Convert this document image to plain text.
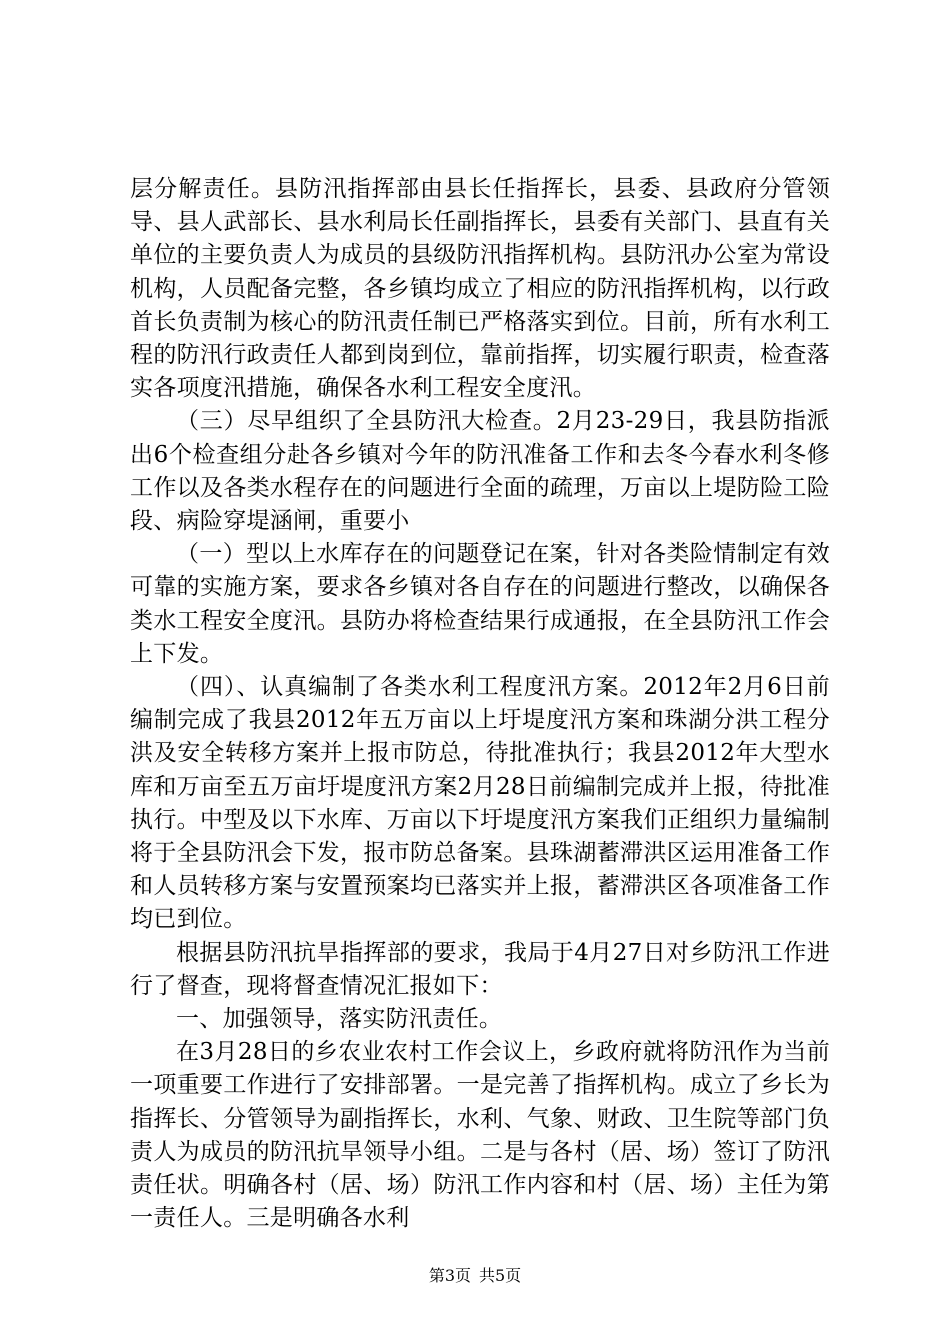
层分解责任。县防汛指挥部由县长任指挥长，县委、县政府分管领导、县人武部长、县水利局长任副指挥长，县委有关部门、县直有关单位的主要负责人为成员的县级防汛指挥机构。县防汛办公室为常设机构，人员配备完整，各乡镇均成立了相应的防汛指挥机构，以行政首长负责制为核心的防汛责任制已严格落实到位。目前，所有水利工程的防汛行政责任人都到岗到位，靠前指挥，切实履行职责，检查落实各项度汛措施，确保各水利工程安全度汛。

（三）尽早组织了全县防汛大检查。2月23-29日，我县防指派出6个检查组分赴各乡镇对今年的防汛准备工作和去冬今春水利冬修工作以及各类水程存在的问题进行全面的疏理，万亩以上堤防险工险段、病险穿堤涵闸，重要小

（一）型以上水库存在的问题登记在案，针对各类险情制定有效可靠的实施方案，要求各乡镇对各自存在的问题进行整改，以确保各类水工程安全度汛。县防办将检查结果行成通报，在全县防汛工作会上下发。

（四）、认真编制了各类水利工程度汛方案。2012年2月6日前编制完成了我县2012年五万亩以上圩堤度汛方案和珠湖分洪工程分洪及安全转移方案并上报市防总，待批准执行；我县2012年大型水库和万亩至五万亩圩堤度汛方案2月28日前编制完成并上报，待批准执行。中型及以下水库、万亩以下圩堤度汛方案我们正组织力量编制将于全县防汛会下发，报市防总备案。县珠湖蓄滞洪区运用准备工作和人员转移方案与安置预案均已落实并上报，蓄滞洪区各项准备工作均已到位。

根据县防汛抗旱指挥部的要求，我局于4月27日对乡防汛工作进行了督查，现将督查情况汇报如下：

一、加强领导，落实防汛责任。

在3月28日的乡农业农村工作会议上，乡政府就将防汛作为当前一项重要工作进行了安排部署。一是完善了指挥机构。成立了乡长为指挥长、分管领导为副指挥长，水利、气象、财政、卫生院等部门负责人为成员的防汛抗旱领导小组。二是与各村（居、场）签订了防汛责任状。明确各村（居、场）防汛工作内容和村（居、场）主任为第一责任人。三是明确各水利

第3页 共5页
